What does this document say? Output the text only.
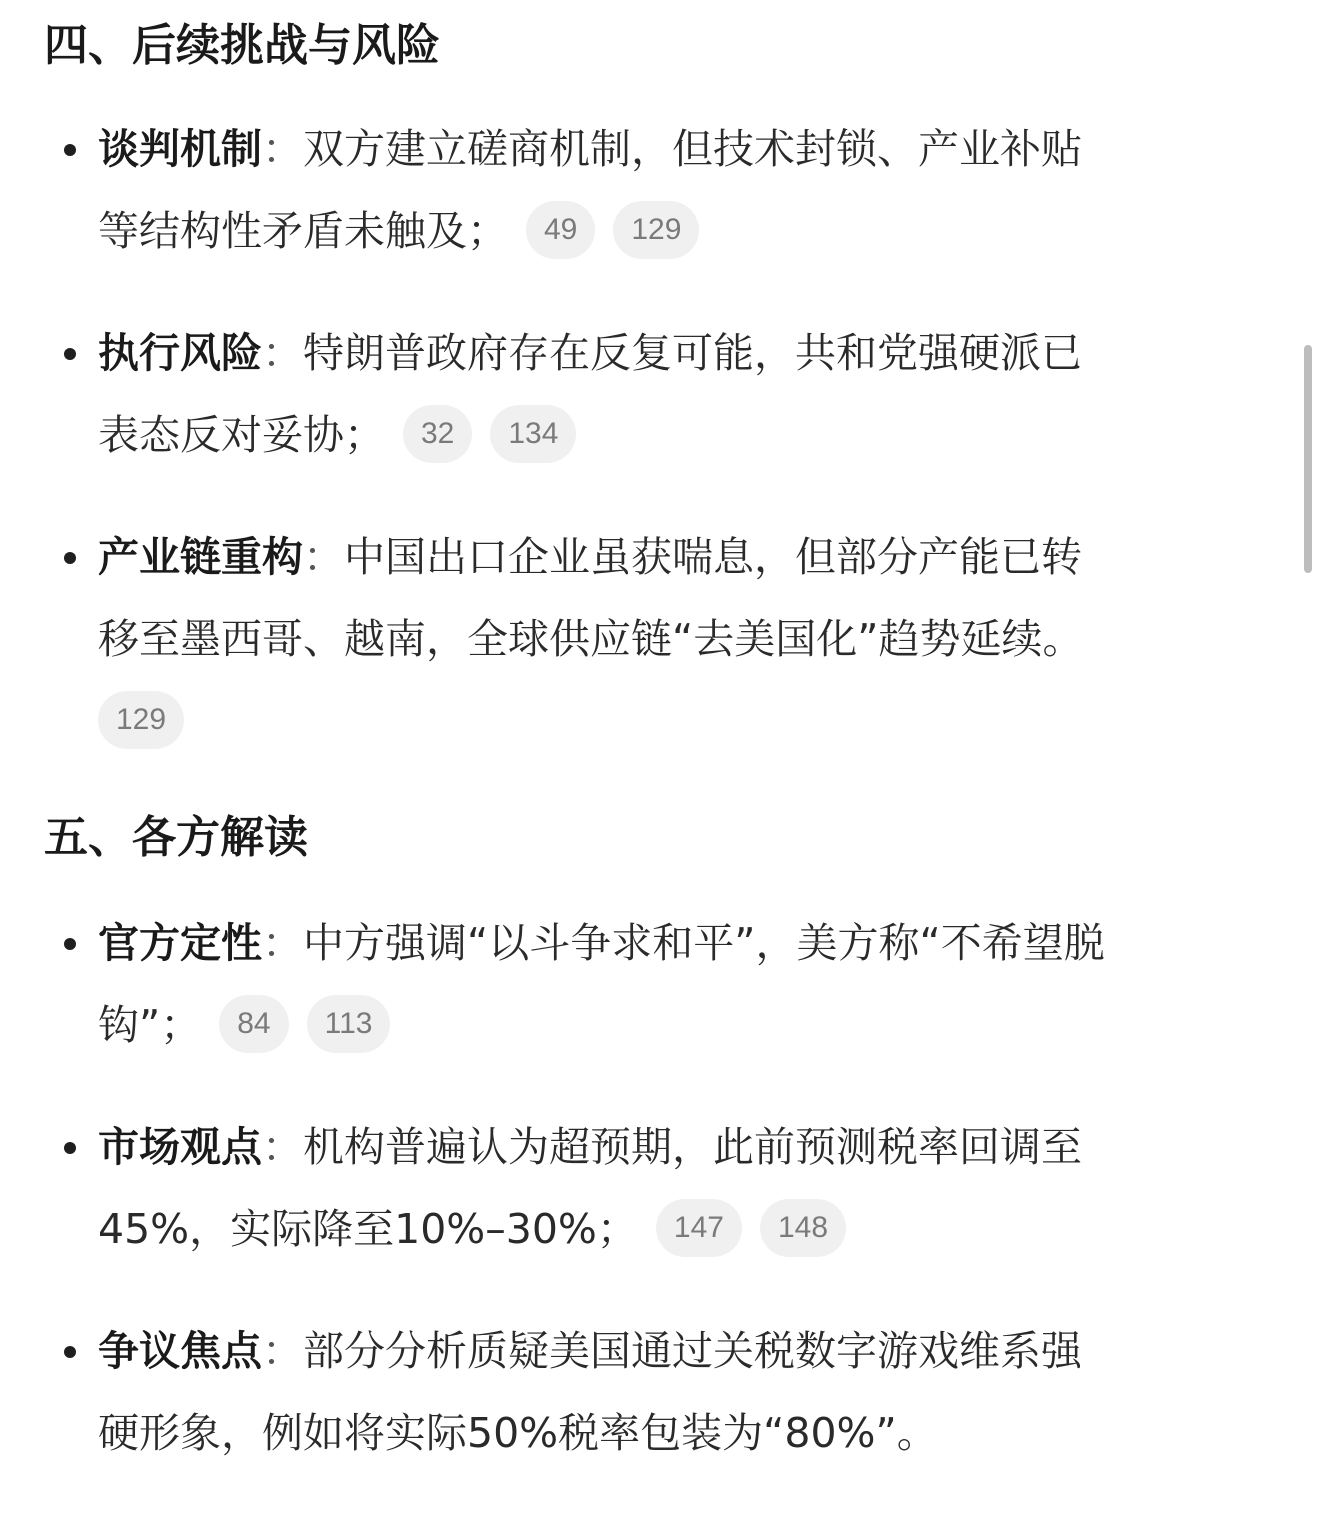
四、后续挑战与风险
谈判机制：双方建立磋商机制，但技术封锁、产业补贴
等结构性矛盾未触及； 49 129
执行风险：特朗普政府存在反复可能，共和党强硬派已
表态反对妥协； 32 134
产业链重构：中国出口企业虽获喘息，但部分产能已转
移至墨西哥、越南，全球供应链“去美国化”趋势延续。
129
五、各方解读
官方定性：中方强调“以斗争求和平”，美方称“不希望脱
钩”； 84 113
市场观点：机构普遍认为超预期，此前预测税率回调至
45%，实际降至10%–30%； 147 148
争议焦点：部分分析质疑美国通过关税数字游戏维系强
硬形象，例如将实际50%税率包装为“80%”。
